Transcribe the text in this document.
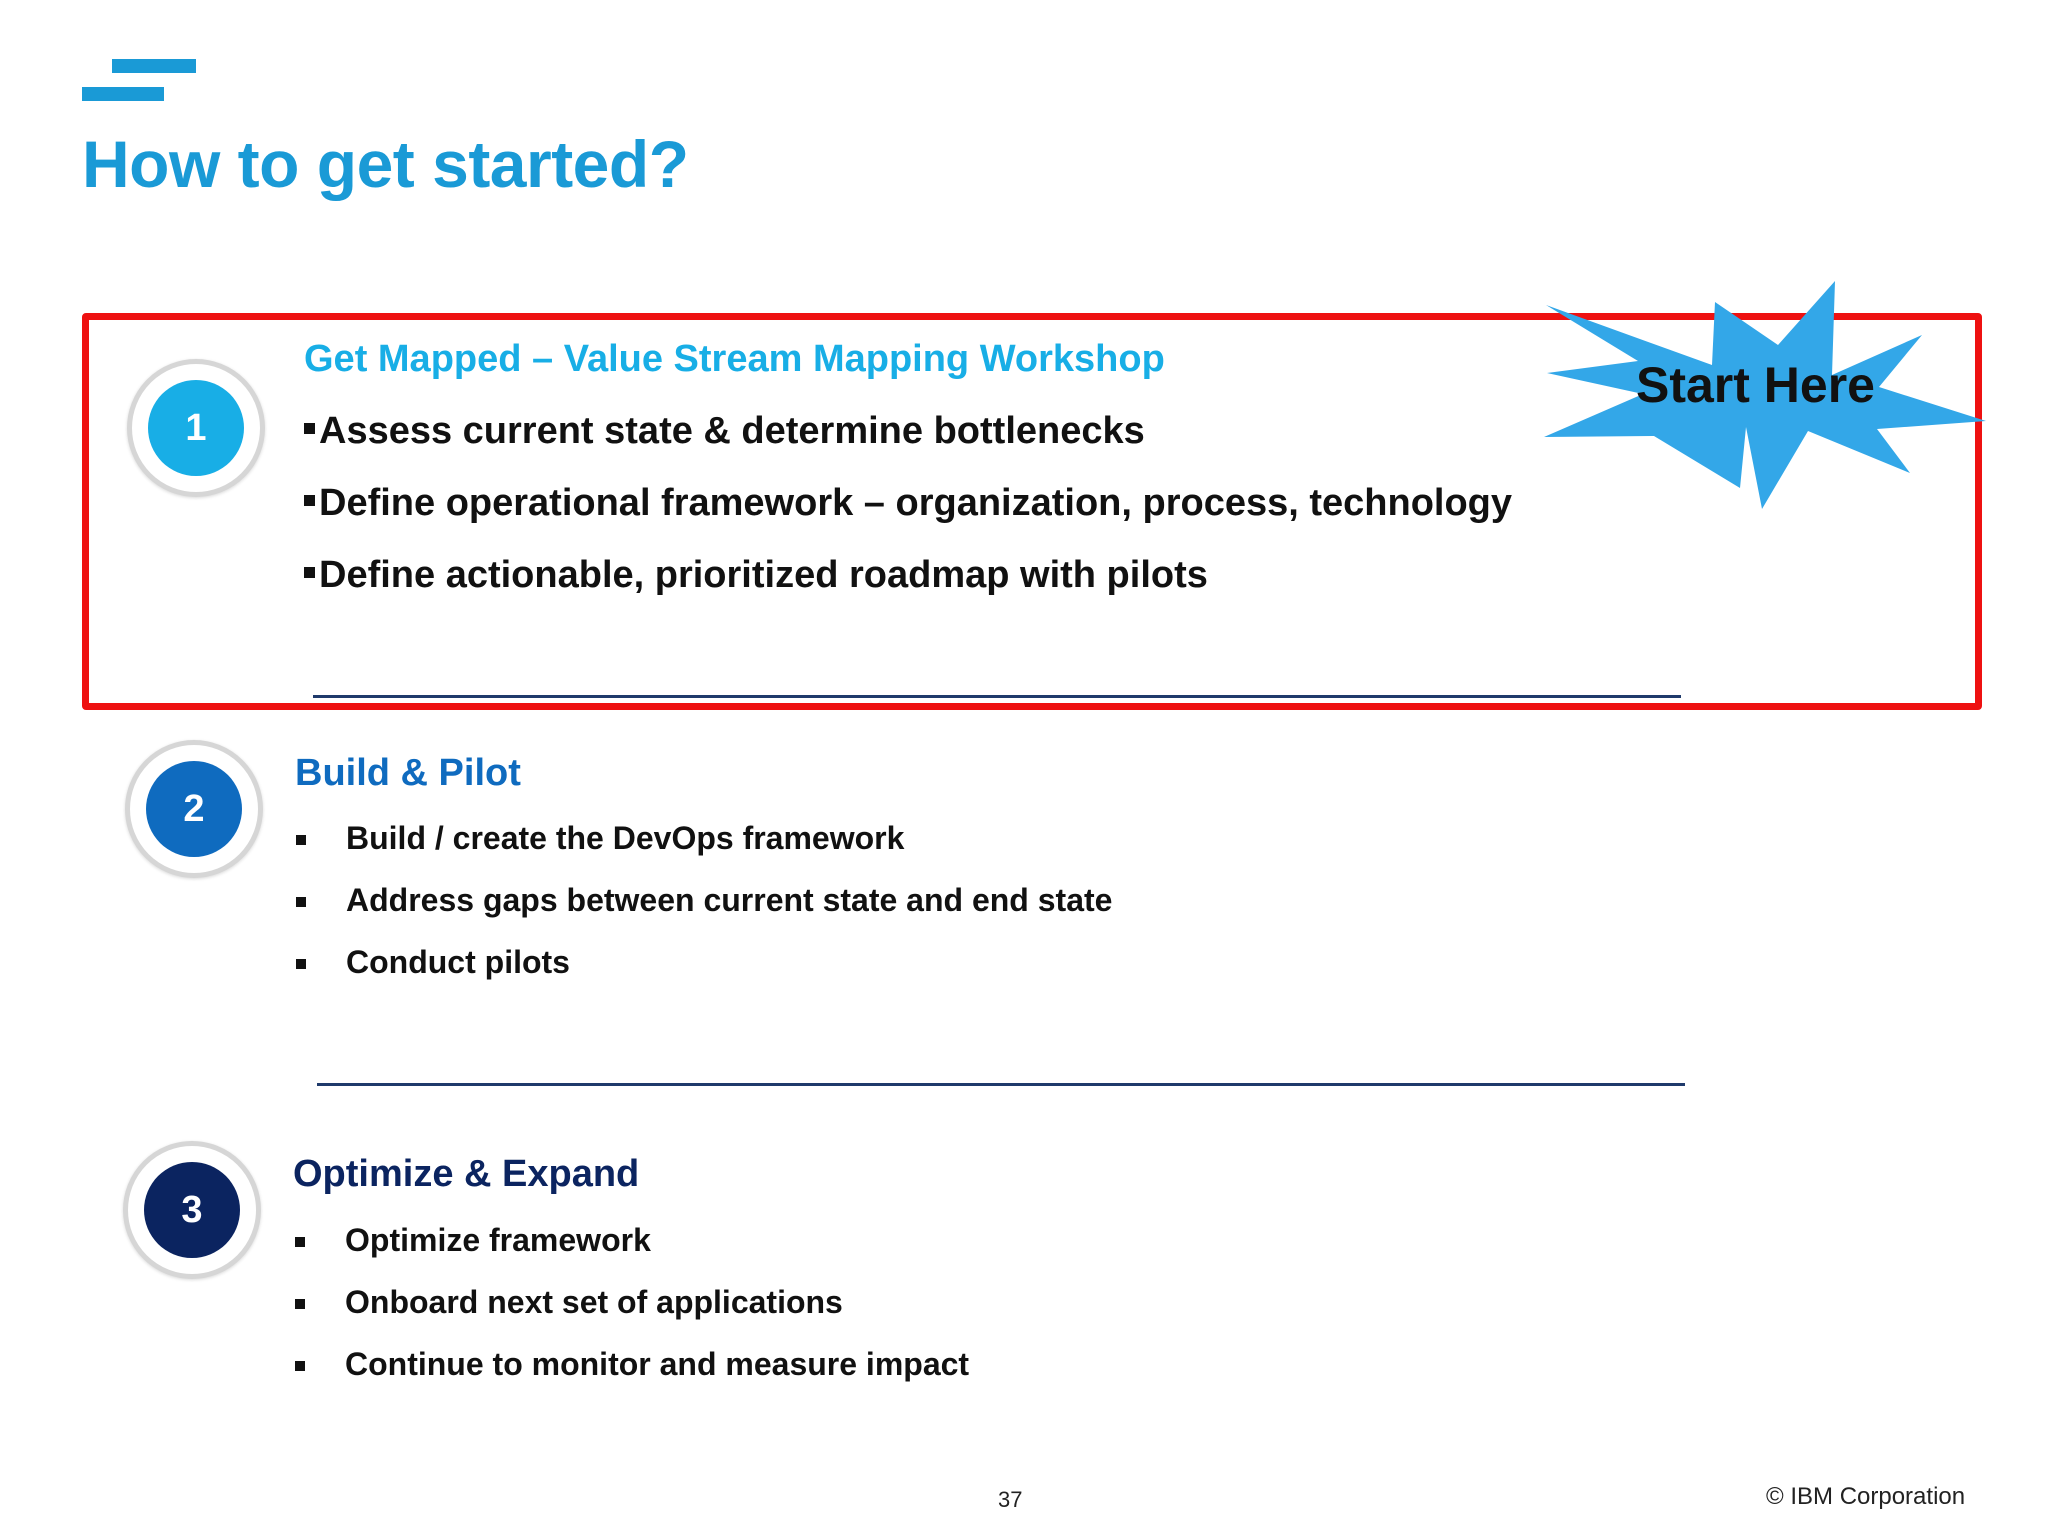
How to get started?
Start Here
1
Get Mapped – Value Stream Mapping Workshop
Assess current state & determine bottlenecks
Define operational framework – organization, process, technology
Define actionable, prioritized roadmap with pilots
2
Build & Pilot
Build / create the DevOps framework
Address gaps between current state and end state
Conduct pilots
3
Optimize & Expand
Optimize framework
Onboard next set of applications
Continue to monitor and measure impact
37	© IBM Corporation
